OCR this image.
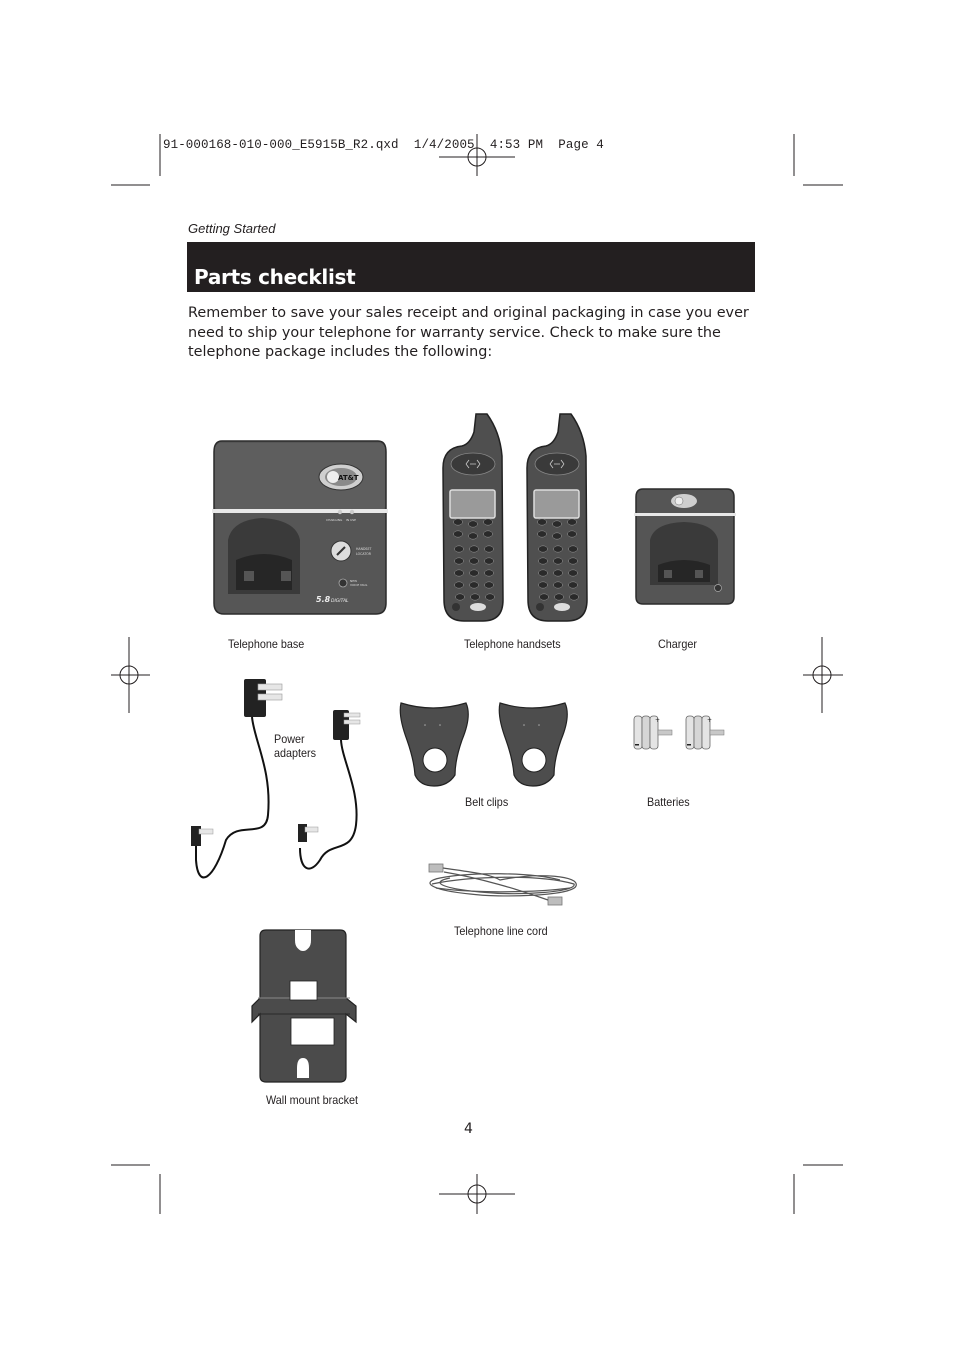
91-000168-010-000_E5915B_R2.qxd  1/4/2005  4:53 PM  Page 4
Getting Started
Parts checklist
Remember to save your sales receipt and original packaging in case you ever need to ship your telephone for warranty service. Check to make sure the telephone package includes the following:
Telephone base	Telephone handsets	Charger
Power
adapters
Belt clips	Batteries
Telephone line cord
Wall mount bracket
4
AT&T
CHARGING IN USE
HANDSET
LOCATOR
NEW
VOICE MAIL
5.8 DIGITAL
+	+
